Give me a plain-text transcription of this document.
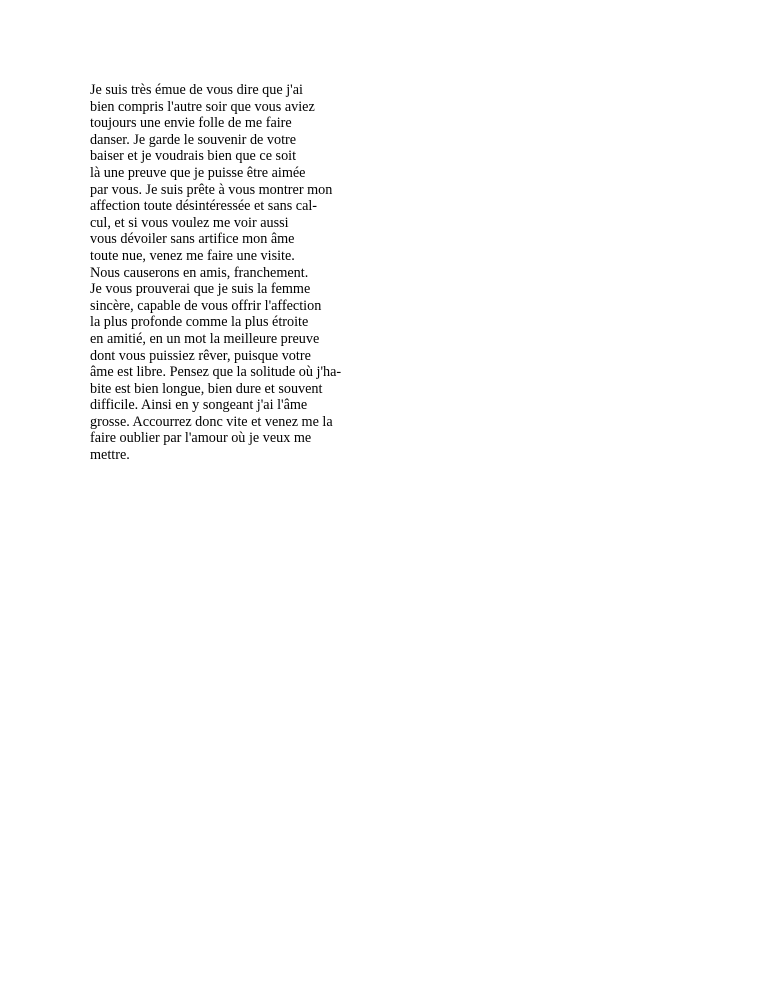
Je suis très émue de vous dire que j'ai
bien compris l'autre soir que vous aviez
toujours une envie folle de me faire
danser. Je garde le souvenir de votre
baiser et je voudrais bien que ce soit
là une preuve que je puisse être aimée
par vous. Je suis prête à vous montrer mon
affection toute désintéressée et sans cal-
cul, et si vous voulez me voir aussi
vous dévoiler sans artifice mon âme
toute nue, venez me faire une visite.
Nous causerons en amis, franchement.
Je vous prouverai que je suis la femme
sincère, capable de vous offrir l'affection
la plus profonde comme la plus étroite
en amitié, en un mot la meilleure preuve
dont vous puissiez rêver, puisque votre
âme est libre. Pensez que la solitude où j'ha-
bite est bien longue, bien dure et souvent
difficile. Ainsi en y songeant j'ai l'âme
grosse. Accourrez donc vite et venez me la
faire oublier par l'amour où je veux me
mettre.
